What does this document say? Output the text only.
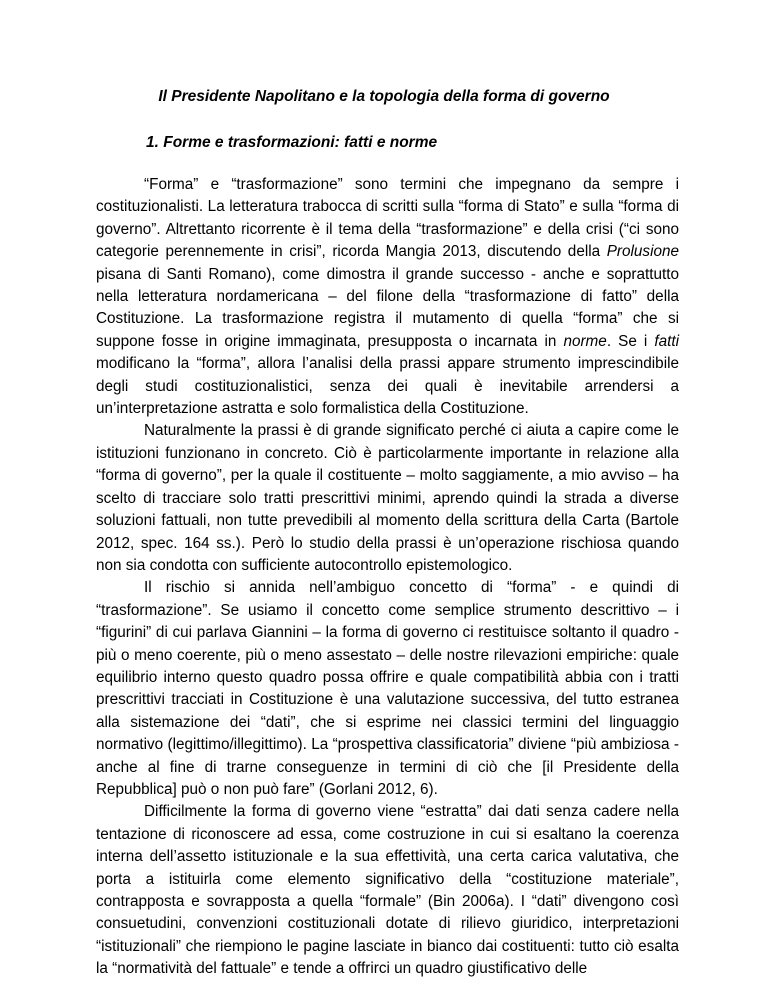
Il Presidente Napolitano e la topologia della forma di governo
1. Forme e trasformazioni: fatti e norme

“Forma” e “trasformazione” sono termini che impegnano da sempre i costituzionalisti. La letteratura trabocca di scritti sulla “forma di Stato” e sulla “forma di governo”. Altrettanto ricorrente è il tema della “trasformazione” e della crisi (“ci sono categorie perennemente in crisi”, ricorda Mangia 2013, discutendo della Prolusione pisana di Santi Romano), come dimostra il grande successo - anche e soprattutto nella letteratura nordamericana – del filone della “trasformazione di fatto” della Costituzione. La trasformazione registra il mutamento di quella “forma” che si suppone fosse in origine immaginata, presupposta o incarnata in norme. Se i fatti modificano la “forma”, allora l’analisi della prassi appare strumento imprescindibile degli studi costituzionalistici, senza dei quali è inevitabile arrendersi a un’interpretazione astratta e solo formalistica della Costituzione.

Naturalmente la prassi è di grande significato perché ci aiuta a capire come le istituzioni funzionano in concreto. Ciò è particolarmente importante in relazione alla “forma di governo”, per la quale il costituente – molto saggiamente, a mio avviso – ha scelto di tracciare solo tratti prescrittivi minimi, aprendo quindi la strada a diverse soluzioni fattuali, non tutte prevedibili al momento della scrittura della Carta (Bartole 2012, spec. 164 ss.). Però lo studio della prassi è un’operazione rischiosa quando non sia condotta con sufficiente autocontrollo epistemologico.

Il rischio si annida nell’ambiguo concetto di “forma” - e quindi di “trasformazione”. Se usiamo il concetto come semplice strumento descrittivo – i “figurini” di cui parlava Giannini – la forma di governo ci restituisce soltanto il quadro - più o meno coerente, più o meno assestato – delle nostre rilevazioni empiriche: quale equilibrio interno questo quadro possa offrire e quale compatibilità abbia con i tratti prescrittivi tracciati in Costituzione è una valutazione successiva, del tutto estranea alla sistemazione dei “dati”, che si esprime nei classici termini del linguaggio normativo (legittimo/illegittimo). La “prospettiva classificatoria” diviene “più ambiziosa - anche al fine di trarne conseguenze in termini di ciò che [il Presidente della Repubblica] può o non può fare” (Gorlani 2012, 6).

Difficilmente la forma di governo viene “estratta” dai dati senza cadere nella tentazione di riconoscere ad essa, come costruzione in cui si esaltano la coerenza interna dell’assetto istituzionale e la sua effettività, una certa carica valutativa, che porta a istituirla come elemento significativo della “costituzione materiale”, contrapposta e sovrapposta a quella “formale” (Bin 2006a). I “dati” divengono così consuetudini, convenzioni costituzionali dotate di rilievo giuridico, interpretazioni “istituzionali” che riempiono le pagine lasciate in bianco dai costituenti: tutto ciò esalta la “normatività del fattuale” e tende a offrirci un quadro giustificativo delle
